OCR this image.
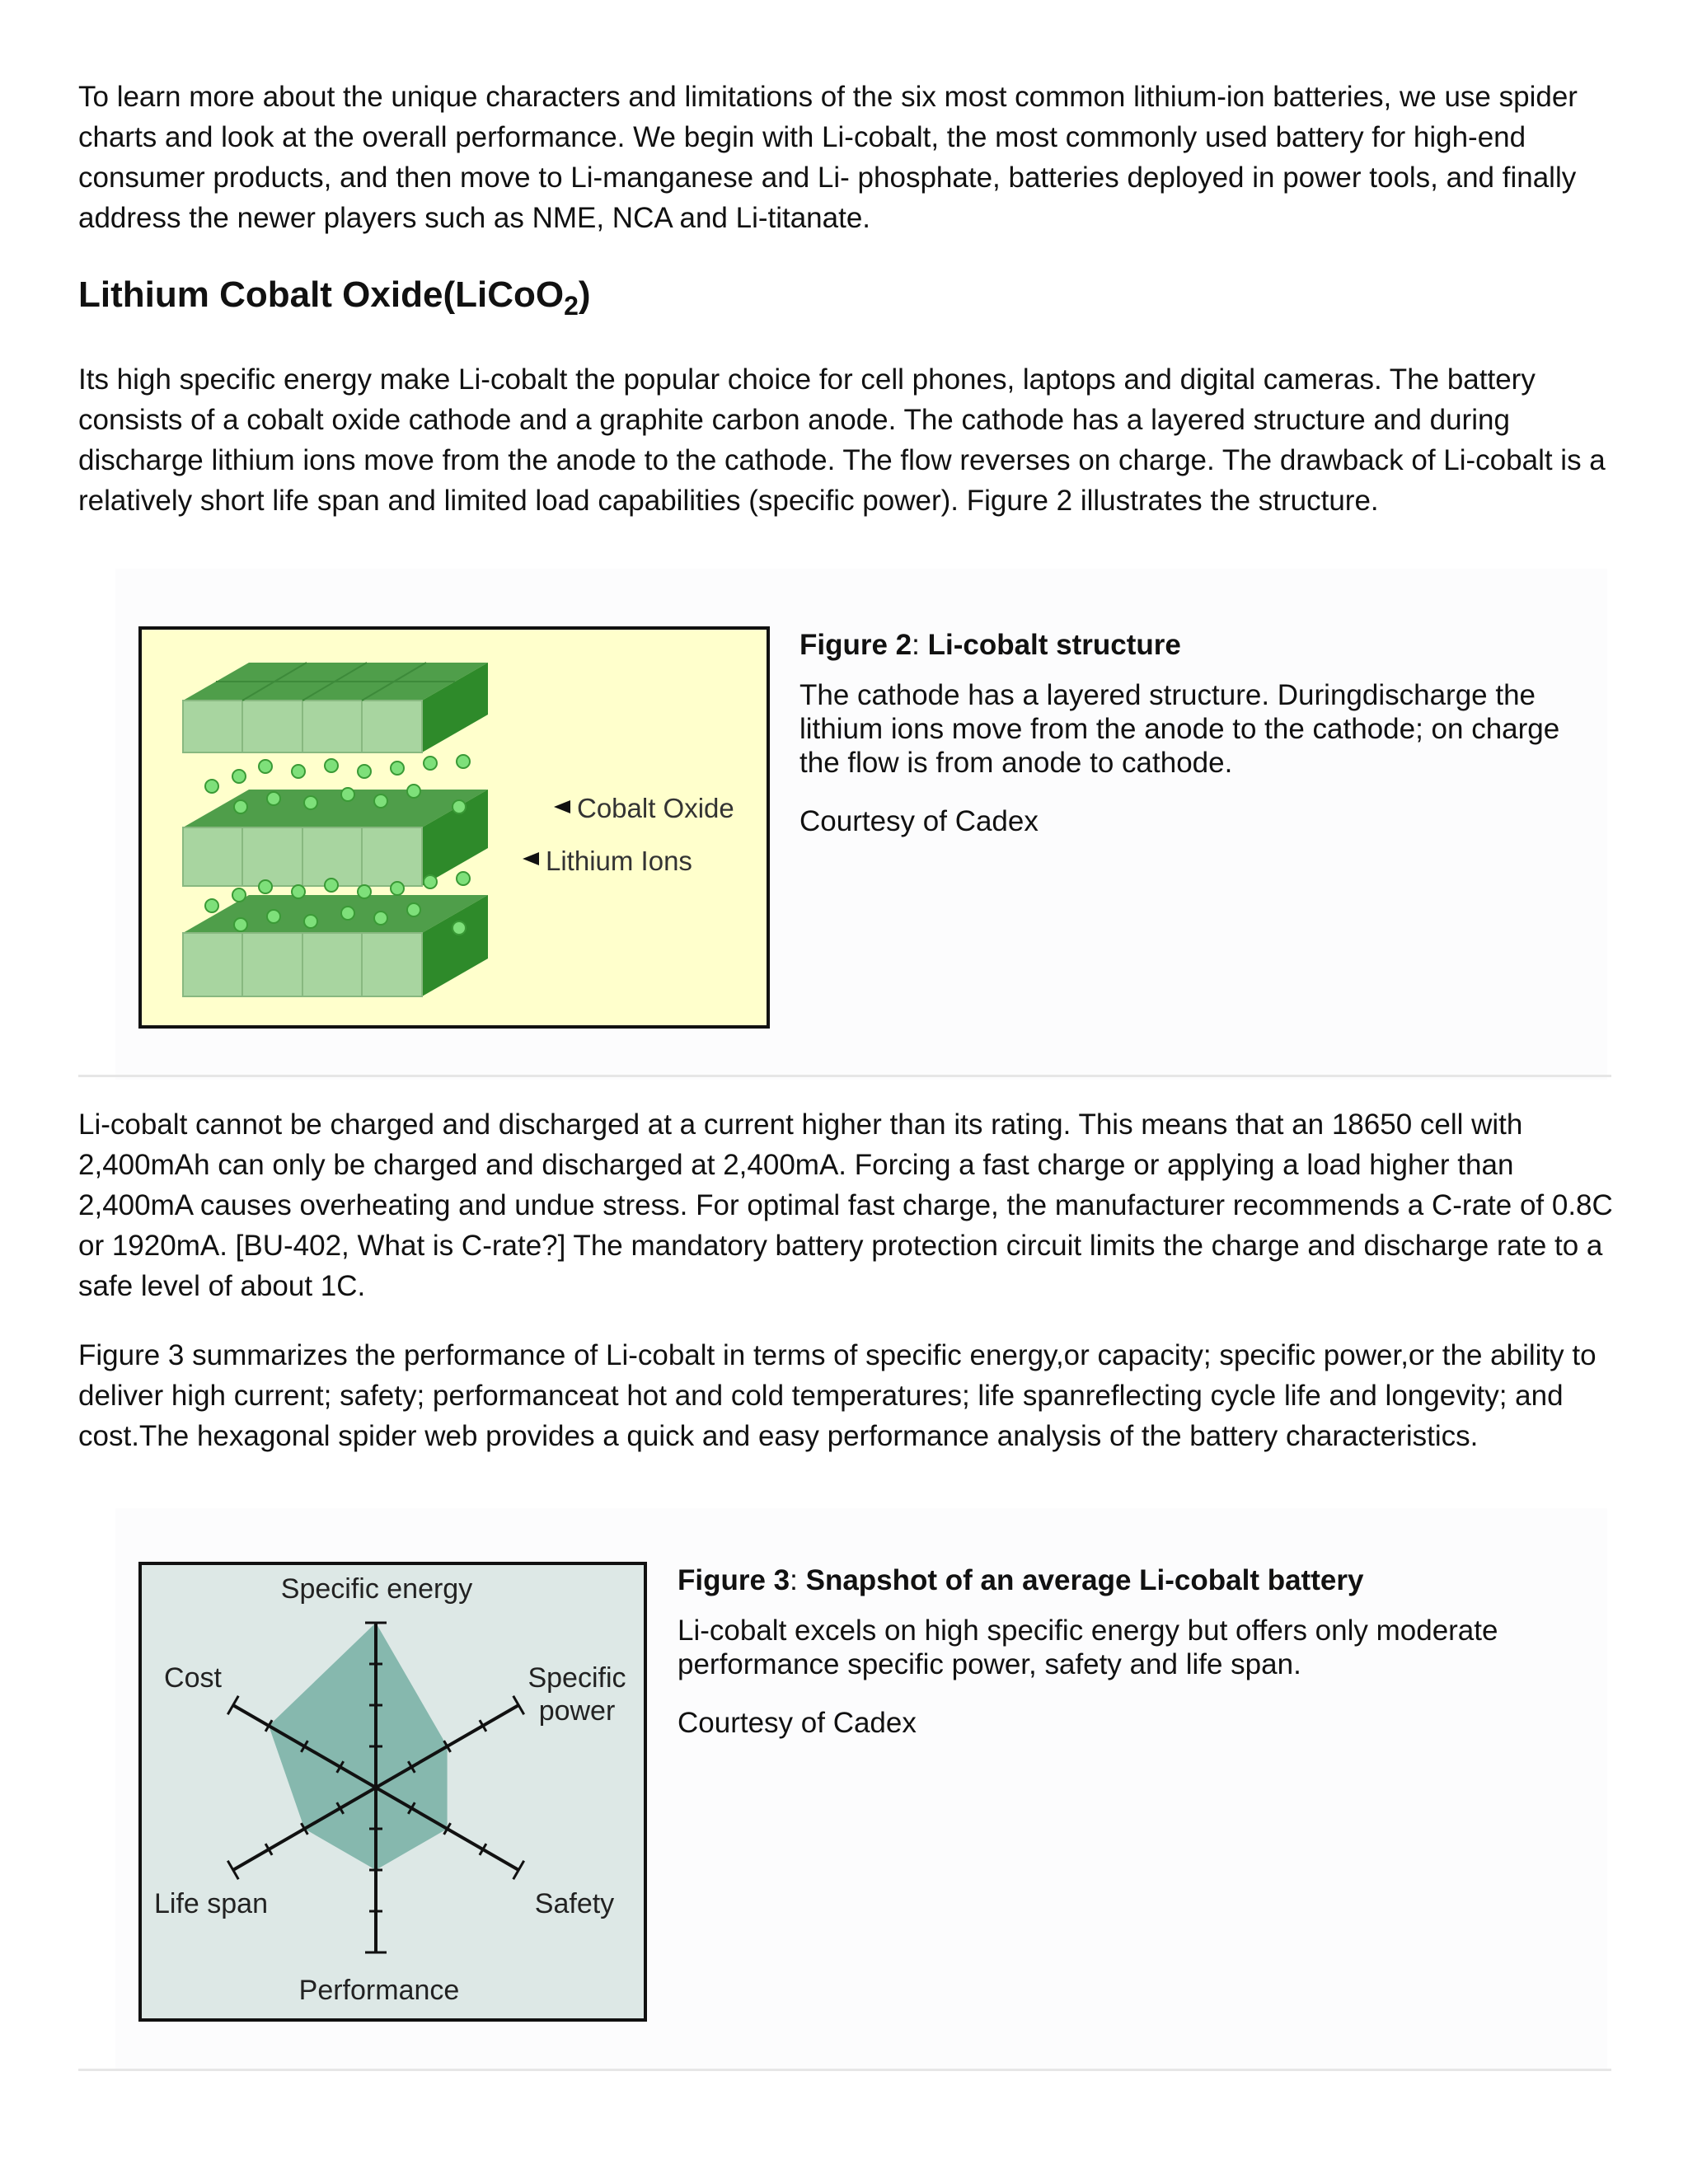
To learn more about the unique characters and limitations of the six most common lithium-ion batteries, we use spider charts and look at the overall performance. We begin with Li-cobalt, the most commonly used battery for high-end consumer products, and then move to Li-manganese and Li- phosphate, batteries deployed in power tools, and finally address the newer players such as NME, NCA and Li-titanate.

Lithium Cobalt Oxide(LiCoO$_2$)

Its high specific energy make Li-cobalt the popular choice for cell phones, laptops and digital cameras. The battery consists of a cobalt oxide cathode and a graphite carbon anode. The cathode has a layered structure and during discharge lithium ions move from the anode to the cathode. The flow reverses on charge. The drawback of Li-cobalt is a relatively short life span and limited load capabilities (specific power). Figure 2 illustrates the structure.

Cobalt Oxide
Lithium Ions

Figure 2: Li-cobalt structure

The cathode has a layered structure. Duringdischarge the lithium ions move from the anode to the cathode; on charge the flow is from anode to cathode.

Courtesy of Cadex

Li-cobalt cannot be charged and discharged at a current higher than its rating. This means that an 18650 cell with 2,400mAh can only be charged and discharged at 2,400mA. Forcing a fast charge or applying a load higher than 2,400mA causes overheating and undue stress. For optimal fast charge, the manufacturer recommends a C-rate of 0.8C or 1920mA. [BU-402, What is C-rate?] The mandatory battery protection circuit limits the charge and discharge rate to a safe level of about 1C.

Figure 3 summarizes the performance of Li-cobalt in terms of specific energy,or capacity; specific power,or the ability to deliver high current; safety; performanceat hot and cold temperatures; life spanreflecting cycle life and longevity; and cost.The hexagonal spider web provides a quick and easy performance analysis of the battery characteristics.

Specific energy
Specific
power
Safety
Performance
Life span
Cost

Figure 3: Snapshot of an average Li-cobalt battery

Li-cobalt excels on high specific energy but offers only moderate performance specific power, safety and life span.

Courtesy of Cadex
